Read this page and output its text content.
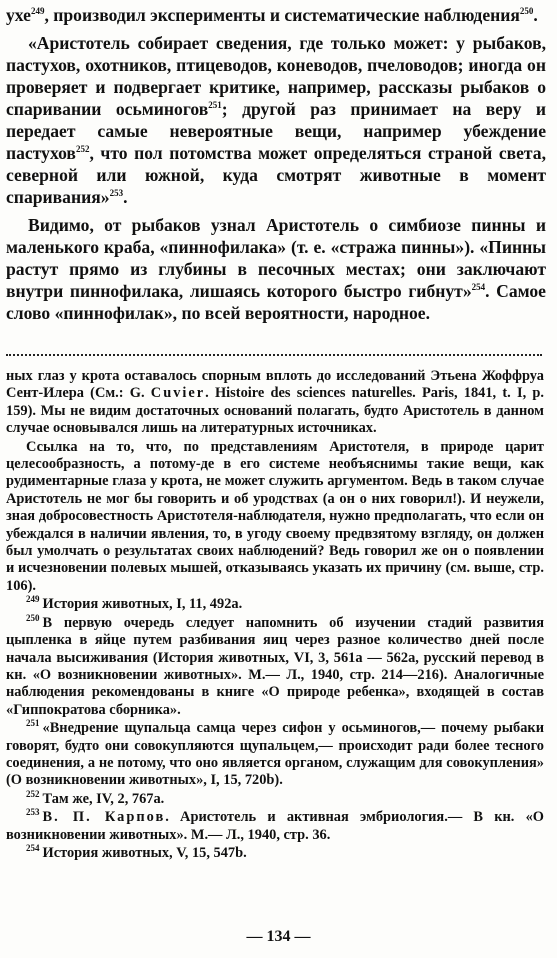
ухе$^{249}$, производил эксперименты и систематические наблюдения$^{250}$.

«Аристотель собирает сведения, где только может: у рыбаков, пастухов, охотников, птицеводов, коневодов, пчеловодов; иногда он проверяет и подвергает критике, например, рассказы рыбаков о спаривании осьминогов$^{251}$; другой раз принимает на веру и передает самые невероятные вещи, например убеждение пастухов$^{252}$, что пол потомства может определяться страной света, северной или южной, куда смотрят животные в момент спаривания»$^{253}$.

Видимо, от рыбаков узнал Аристотель о симбиозе пинны и маленького краба, «пиннофилака» (т. е. «стража пинны»). «Пинны растут прямо из глубины в песочных местах; они заключают внутри пиннофилака, лишаясь которого быстро гибнут»$^{254}$. Самое слово «пиннофилак», по всей вероятности, народное.

ных глаз у крота оставалось спорным вплоть до исследований Этьена Жоффруа Сент-Илера (См.: G. Cuvier. Histoire des sciences naturelles. Paris, 1841, t. I, p. 159). Мы не видим достаточных оснований полагать, будто Аристотель в данном случае основывался лишь на литературных источниках.

Ссылка на то, что, по представлениям Аристотеля, в природе царит целесообразность, а потому-де в его системе необъяснимы такие вещи, как рудиментарные глаза у крота, не может служить аргументом. Ведь в таком случае Аристотель не мог бы говорить и об уродствах (а он о них говорил!). И неужели, зная добросовестность Аристотеля-наблюдателя, нужно предполагать, что если он убеждался в наличии явления, то, в угоду своему предвзятому взгляду, он должен был умолчать о результатах своих наблюдений? Ведь говорил же он о появлении и исчезновении полевых мышей, отказываясь указать их причину (см. выше, стр. 106).

$^{249}$ История животных, I, 11, 492а.

$^{250}$ В первую очередь следует напомнить об изучении стадий развития цыпленка в яйце путем разбивания яиц через разное количество дней после начала высиживания (История животных, VI, 3, 561а — 562а, русский перевод в кн. «О возникновении животных». М.— Л., 1940, стр. 214—216). Аналогичные наблюдения рекомендованы в книге «О природе ребенка», входящей в состав «Гиппократова сборника».

$^{251}$ «Внедрение щупальца самца через сифон у осьминогов,— почему рыбаки говорят, будто они совокупляются щупальцем,— происходит ради более тесного соединения, а не потому, что оно является органом, служащим для совокупления» (О возникновении животных», I, 15, 720b).

$^{252}$ Там же, IV, 2, 767а.

$^{253}$ В. П. Карпов. Аристотель и активная эмбриология.— В кн. «О возникновении животных». М.— Л., 1940, стр. 36.

$^{254}$ История животных, V, 15, 547b.

— 134 —
